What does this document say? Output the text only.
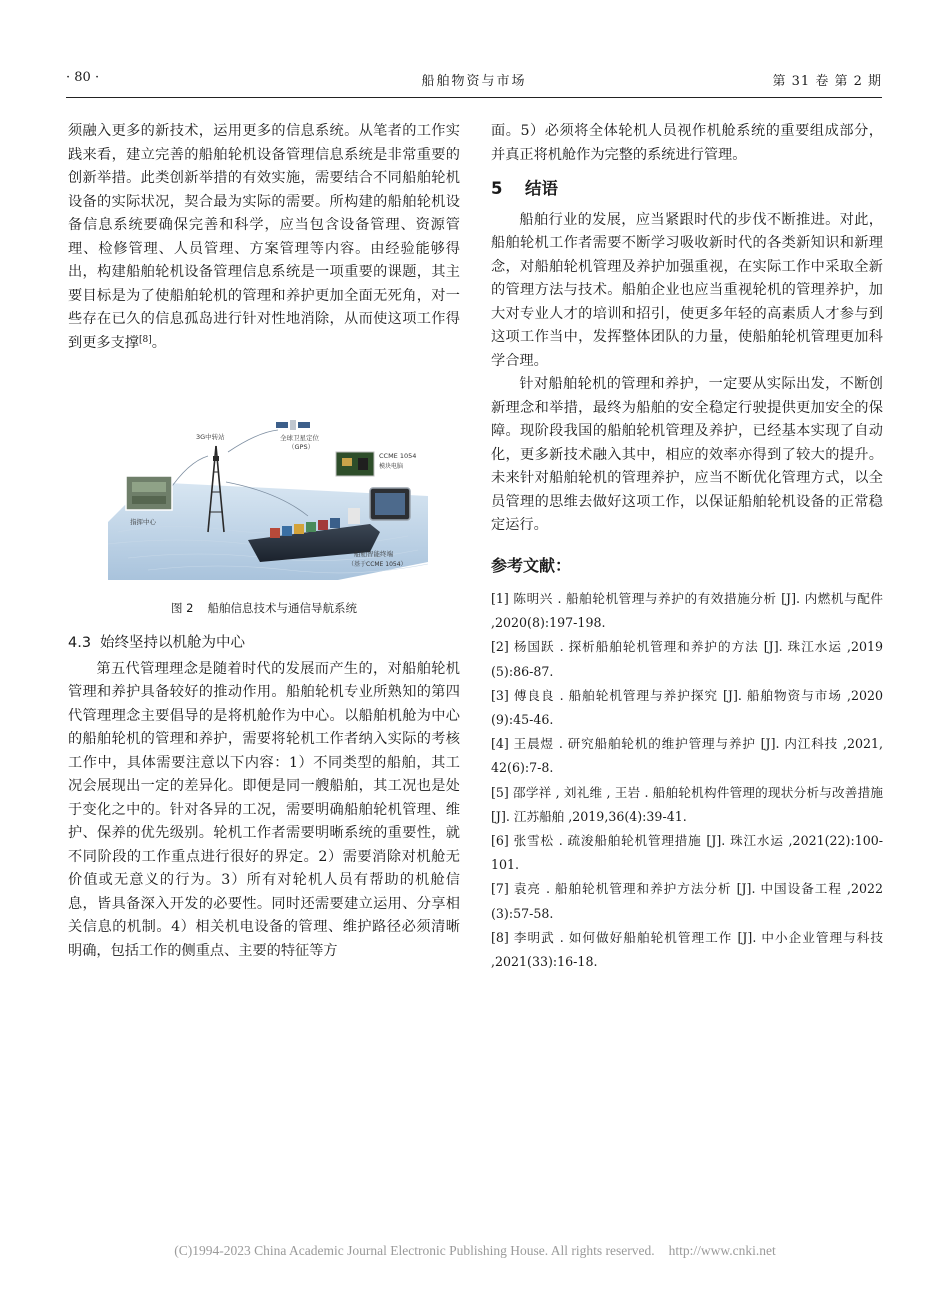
· 80 ·	船舶物资与市场	第 31 卷 第 2 期

须融入更多的新技术，运用更多的信息系统。从笔者的工作实践来看，建立完善的船舶轮机设备管理信息系统是非常重要的创新举措。此类创新举措的有效实施，需要结合不同船舶轮机设备的实际状况，契合最为实际的需要。所构建的船舶轮机设备信息系统要确保完善和科学，应当包含设备管理、资源管理、检修管理、人员管理、方案管理等内容。由经验能够得出，构建船舶轮机设备管理信息系统是一项重要的课题，其主要目标是为了使船舶轮机的管理和养护更加全面无死角，对一些存在已久的信息孤岛进行针对性地消除，从而使这项工作得到更多支撑[8]。

全球卫星定位
（GPS）
3G中转站
指挥中心
CCME 1054
模块电脑
船舶智能终端
（基于CCME 1054）
图 2 船舶信息技术与通信导航系统
4.3 始终坚持以机舱为中心

第五代管理理念是随着时代的发展而产生的，对船舶轮机管理和养护具备较好的推动作用。船舶轮机专业所熟知的第四代管理理念主要倡导的是将机舱作为中心。以船舶机舱为中心的船舶轮机的管理和养护，需要将轮机工作者纳入实际的考核工作中，具体需要注意以下内容：1）不同类型的船舶，其工况会展现出一定的差异化。即便是同一艘船舶，其工况也是处于变化之中的。针对各异的工况，需要明确船舶轮机管理、维护、保养的优先级别。轮机工作者需要明晰系统的重要性，就不同阶段的工作重点进行很好的界定。2）需要消除对机舱无价值或无意义的行为。3）所有对轮机人员有帮助的机舱信息，皆具备深入开发的必要性。同时还需要建立运用、分享相关信息的机制。4）相关机电设备的管理、维护路径必须清晰明确，包括工作的侧重点、主要的特征等方

面。5）必须将全体轮机人员视作机舱系统的重要组成部分，并真正将机舱作为完整的系统进行管理。

5 结语

船舶行业的发展，应当紧跟时代的步伐不断推进。对此，船舶轮机工作者需要不断学习吸收新时代的各类新知识和新理念，对船舶轮机管理及养护加强重视，在实际工作中采取全新的管理方法与技术。船舶企业也应当重视轮机的管理养护，加大对专业人才的培训和招引，使更多年轻的高素质人才参与到这项工作当中，发挥整体团队的力量，使船舶轮机管理更加科学合理。

针对船舶轮机的管理和养护，一定要从实际出发，不断创新理念和举措，最终为船舶的安全稳定行驶提供更加安全的保障。现阶段我国的船舶轮机管理及养护，已经基本实现了自动化，更多新技术融入其中，相应的效率亦得到了较大的提升。未来针对船舶轮机的管理养护，应当不断优化管理方式，以全员管理的思维去做好这项工作，以保证船舶轮机设备的正常稳定运行。

参考文献：
[1] 陈明兴 . 船舶轮机管理与养护的有效措施分析 [J]. 内燃机与配件 ,2020(8):197-198.
[2] 杨国跃 . 探析船舶轮机管理和养护的方法 [J]. 珠江水运 ,2019 (5):86-87.
[3] 傅良良 . 船舶轮机管理与养护探究 [J]. 船舶物资与市场 ,2020 (9):45-46.
[4] 王晨煜 . 研究船舶轮机的维护管理与养护 [J]. 内江科技 ,2021, 42(6):7-8.
[5] 邵学祥 , 刘礼维 , 王岩 . 船舶轮机构件管理的现状分析与改善措施 [J]. 江苏船舶 ,2019,36(4):39-41.
[6] 张雪松 . 疏浚船舶轮机管理措施 [J]. 珠江水运 ,2021(22):100-101.
[7] 袁亮 . 船舶轮机管理和养护方法分析 [J]. 中国设备工程 ,2022 (3):57-58.
[8] 李明武 . 如何做好船舶轮机管理工作 [J]. 中小企业管理与科技 ,2021(33):16-18.
(C)1994-2023 China Academic Journal Electronic Publishing House. All rights reserved. http://www.cnki.net
